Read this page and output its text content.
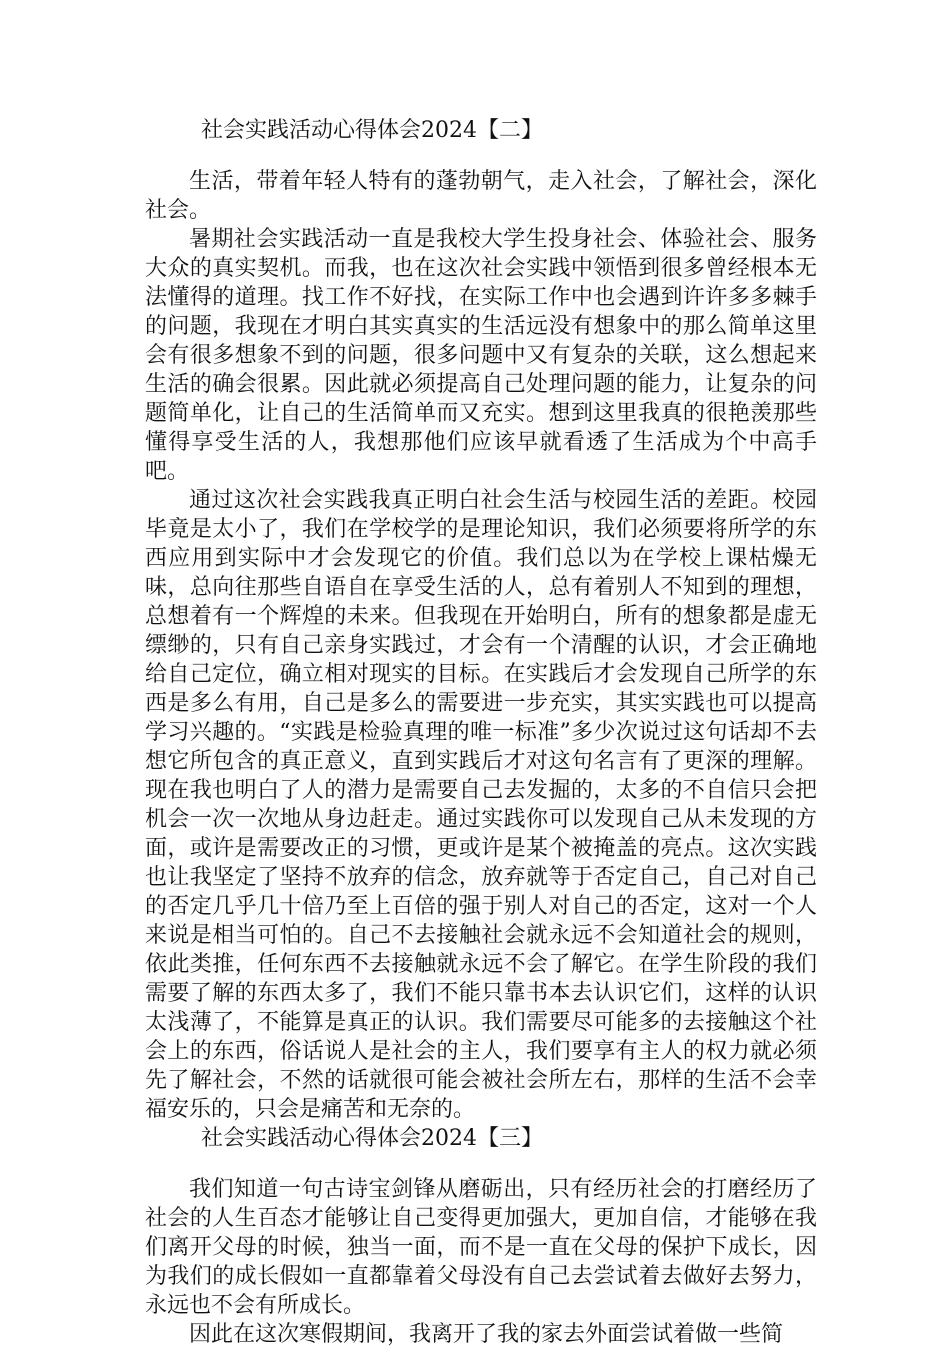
社会实践活动心得体会2024【二】

生活，带着年轻人特有的蓬勃朝气，走入社会，了解社会，深化社会。

暑期社会实践活动一直是我校大学生投身社会、体验社会、服务大众的真实契机。而我，也在这次社会实践中领悟到很多曾经根本无法懂得的道理。找工作不好找，在实际工作中也会遇到许许多多棘手的问题，我现在才明白其实真实的生活远没有想象中的那么简单这里会有很多想象不到的问题，很多问题中又有复杂的关联，这么想起来生活的确会很累。因此就必须提高自己处理问题的能力，让复杂的问题简单化，让自己的生活简单而又充实。想到这里我真的很艳羡那些懂得享受生活的人，我想那他们应该早就看透了生活成为个中高手吧。

通过这次社会实践我真正明白社会生活与校园生活的差距。校园毕竟是太小了，我们在学校学的是理论知识，我们必须要将所学的东西应用到实际中才会发现它的价值。我们总以为在学校上课枯燥无味，总向往那些自语自在享受生活的人，总有着别人不知到的理想，总想着有一个辉煌的未来。但我现在开始明白，所有的想象都是虚无缥缈的，只有自己亲身实践过，才会有一个清醒的认识，才会正确地给自己定位，确立相对现实的目标。在实践后才会发现自己所学的东西是多么有用，自己是多么的需要进一步充实，其实实践也可以提高学习兴趣的。“实践是检验真理的唯一标准”多少次说过这句话却不去想它所包含的真正意义，直到实践后才对这句名言有了更深的理解。现在我也明白了人的潜力是需要自己去发掘的，太多的不自信只会把机会一次一次地从身边赶走。通过实践你可以发现自己从未发现的方面，或许是需要改正的习惯，更或许是某个被掩盖的亮点。这次实践也让我坚定了坚持不放弃的信念，放弃就等于否定自己，自己对自己的否定几乎几十倍乃至上百倍的强于别人对自己的否定，这对一个人来说是相当可怕的。自己不去接触社会就永远不会知道社会的规则，依此类推，任何东西不去接触就永远不会了解它。在学生阶段的我们需要了解的东西太多了，我们不能只靠书本去认识它们，这样的认识太浅薄了，不能算是真正的认识。我们需要尽可能多的去接触这个社会上的东西，俗话说人是社会的主人，我们要享有主人的权力就必须先了解社会，不然的话就很可能会被社会所左右，那样的生活不会幸福安乐的，只会是痛苦和无奈的。

社会实践活动心得体会2024【三】

我们知道一句古诗宝剑锋从磨砺出，只有经历社会的打磨经历了社会的人生百态才能够让自己变得更加强大，更加自信，才能够在我们离开父母的时候，独当一面，而不是一直在父母的保护下成长，因为我们的成长假如一直都靠着父母没有自己去尝试着去做好去努力，永远也不会有所成长。

因此在这次寒假期间，我离开了我的家去外面尝试着做一些简
